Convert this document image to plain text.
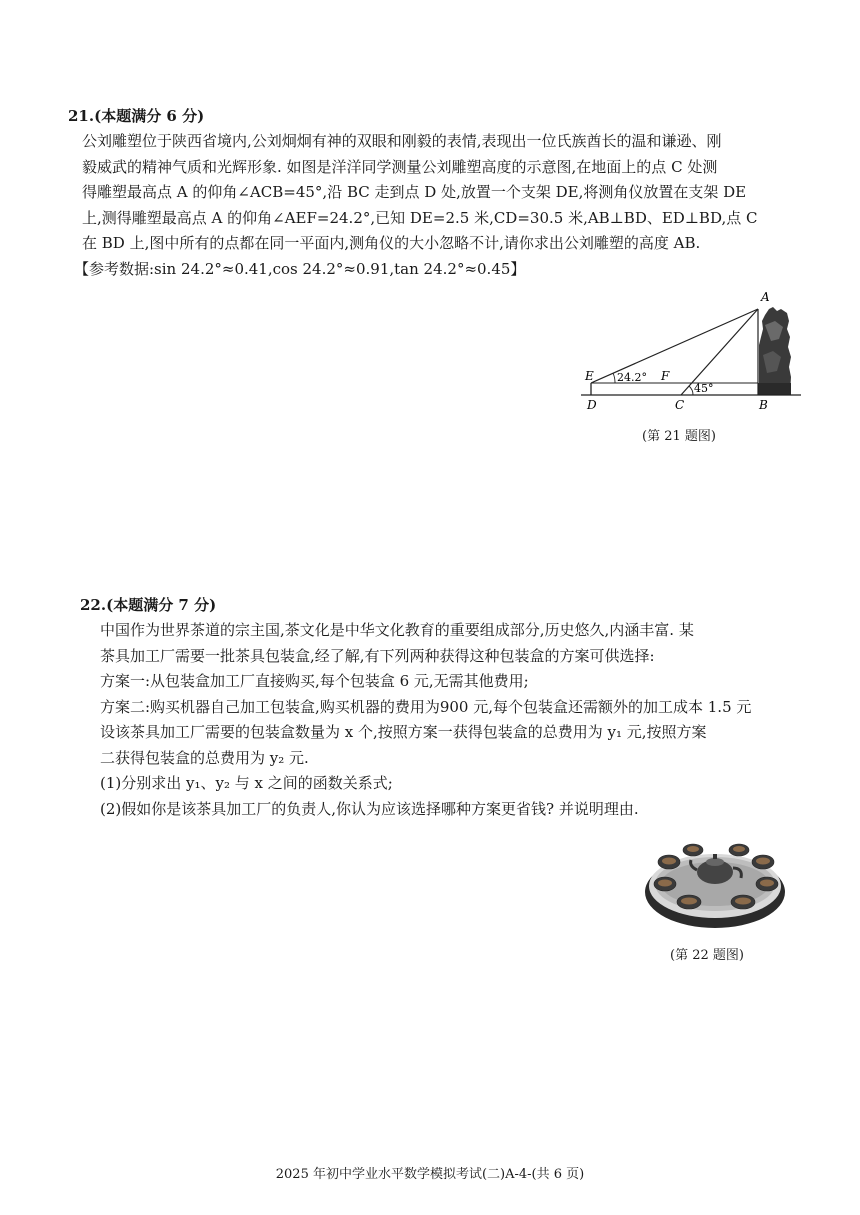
21.(本题满分 6 分)

公刘雕塑位于陕西省境内,公刘炯炯有神的双眼和刚毅的表情,表现出一位氏族酋长的温和谦逊、刚

毅威武的精神气质和光辉形象. 如图是洋洋同学测量公刘雕塑高度的示意图,在地面上的点 C 处测

得雕塑最高点 A 的仰角∠ACB=45°,沿 BC 走到点 D 处,放置一个支架 DE,将测角仪放置在支架 DE

上,测得雕塑最高点 A 的仰角∠AEF=24.2°,已知 DE=2.5 米,CD=30.5 米,AB⊥BD、ED⊥BD,点 C

在 BD 上,图中所有的点都在同一平面内,测角仪的大小忽略不计,请你求出公刘雕塑的高度 AB.

【参考数据:sin 24.2°≈0.41,cos 24.2°≈0.91,tan 24.2°≈0.45】
A
E	F
D	C	B
24.2°
45°
(第 21 题图)
22.(本题满分 7 分)

中国作为世界茶道的宗主国,茶文化是中华文化教育的重要组成部分,历史悠久,内涵丰富. 某

茶具加工厂需要一批茶具包装盒,经了解,有下列两种获得这种包装盒的方案可供选择:

方案一:从包装盒加工厂直接购买,每个包装盒 6 元,无需其他费用;

方案二:购买机器自己加工包装盒,购买机器的费用为900 元,每个包装盒还需额外的加工成本 1.5 元

设该茶具加工厂需要的包装盒数量为 x 个,按照方案一获得包装盒的总费用为 y₁ 元,按照方案

二获得包装盒的总费用为 y₂ 元.

(1)分别求出 y₁、y₂ 与 x 之间的函数关系式;

(2)假如你是该茶具加工厂的负责人,你认为应该选择哪种方案更省钱? 并说明理由.

(第 22 题图)
2025 年初中学业水平数学模拟考试(二)A-4-(共 6 页)
